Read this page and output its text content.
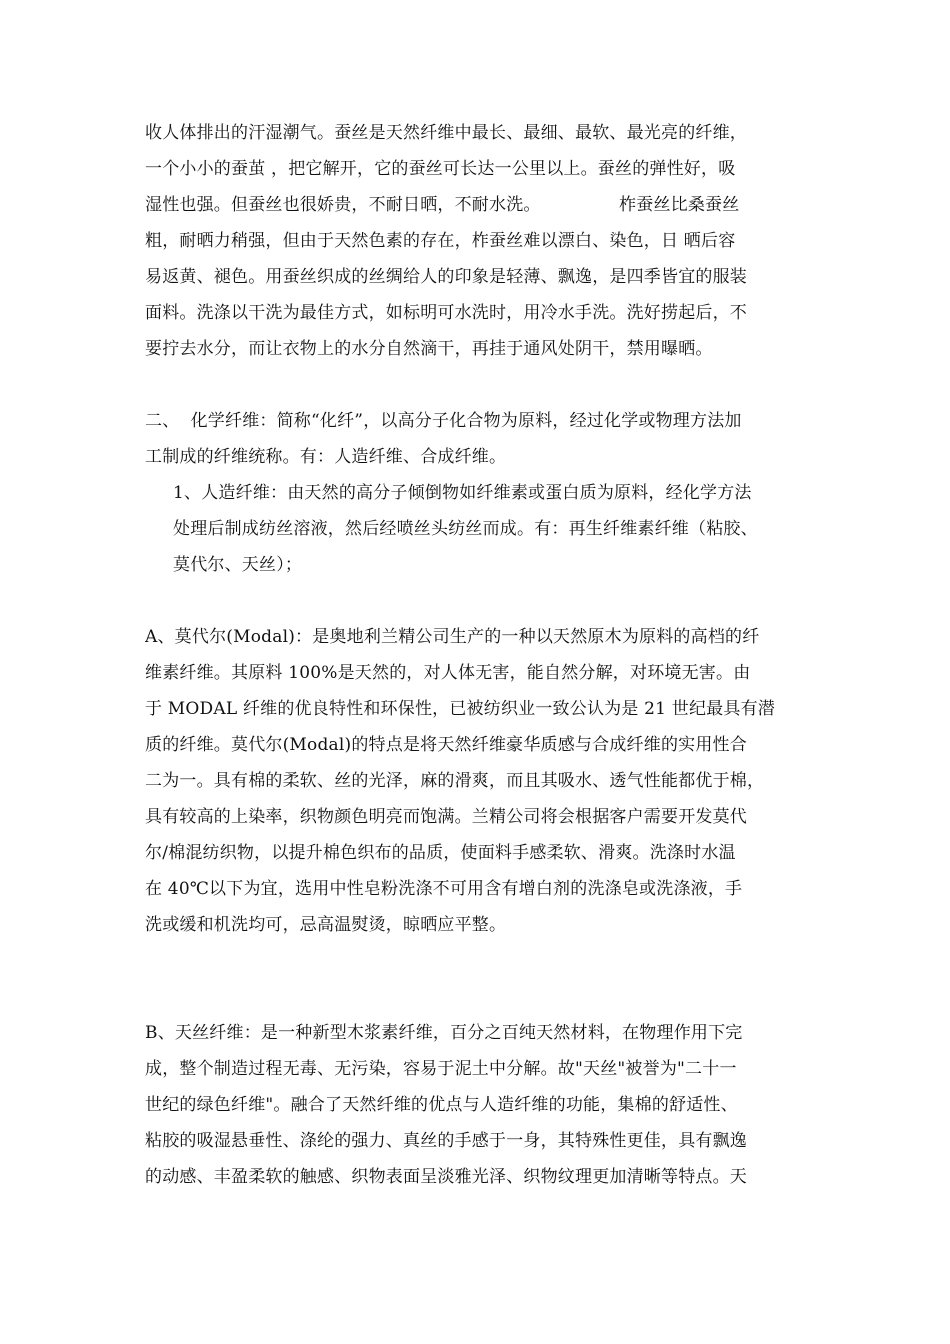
收人体排出的汗湿潮气。蚕丝是天然纤维中最长、最细、最软、最光亮的纤维，
一个小小的蚕茧 ，把它解开，它的蚕丝可长达一公里以上。蚕丝的弹性好，吸
湿性也强。但蚕丝也很娇贵，不耐日晒，不耐水洗。              柞蚕丝比桑蚕丝
粗，耐晒力稍强，但由于天然色素的存在，柞蚕丝难以漂白、染色，日 晒后容
易返黄、褪色。用蚕丝织成的丝绸给人的印象是轻薄、飘逸，是四季皆宜的服装
面料。洗涤以干洗为最佳方式，如标明可水洗时，用冷水手洗。洗好捞起后，不
要拧去水分，而让衣物上的水分自然滴干，再挂于通风处阴干，禁用曝晒。
二、  化学纤维：简称“化纤”，以高分子化合物为原料，经过化学或物理方法加
工制成的纤维统称。有：人造纤维、合成纤维。
1、人造纤维：由天然的高分子倾倒物如纤维素或蛋白质为原料，经化学方法
处理后制成纺丝溶液，然后经喷丝头纺丝而成。有：再生纤维素纤维（粘胶、
莫代尔、天丝）；
A、莫代尔(Modal)：是奥地利兰精公司生产的一种以天然原木为原料的高档的纤
维素纤维。其原料 100%是天然的，对人体无害，能自然分解，对环境无害。由
于 MODAL 纤维的优良特性和环保性，已被纺织业一致公认为是 21 世纪最具有潜
质的纤维。莫代尔(Modal)的特点是将天然纤维豪华质感与合成纤维的实用性合
二为一。具有棉的柔软、丝的光泽，麻的滑爽，而且其吸水、透气性能都优于棉，
具有较高的上染率，织物颜色明亮而饱满。兰精公司将会根据客户需要开发莫代
尔/棉混纺织物，以提升棉色织布的品质，使面料手感柔软、滑爽。洗涤时水温
在 40℃以下为宜，选用中性皂粉洗涤不可用含有增白剂的洗涤皂或洗涤液，手
洗或缓和机洗均可，忌高温熨烫，晾晒应平整。
B、天丝纤维：是一种新型木浆素纤维，百分之百纯天然材料，在物理作用下完
成，整个制造过程无毒、无污染，容易于泥土中分解。故"天丝"被誉为"二十一
世纪的绿色纤维"。融合了天然纤维的优点与人造纤维的功能，集棉的舒适性、
粘胶的吸湿悬垂性、涤纶的强力、真丝的手感于一身，其特殊性更佳，具有飘逸
的动感、丰盈柔软的触感、织物表面呈淡雅光泽、织物纹理更加清晰等特点。天
